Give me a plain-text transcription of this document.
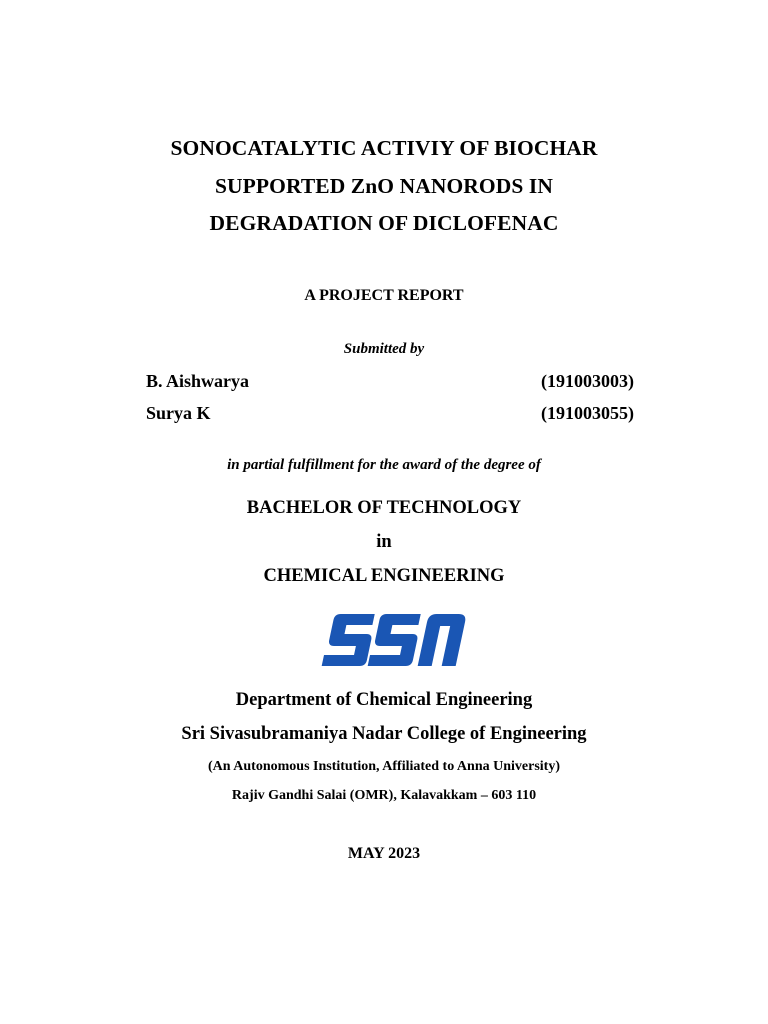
SONOCATALYTIC ACTIVIY OF BIOCHAR
SUPPORTED ZnO NANORODS IN
DEGRADATION OF DICLOFENAC
A PROJECT REPORT
Submitted by
B. Aishwarya	(191003003)
Surya K	(191003055)
in partial fulfillment for the award of the degree of
BACHELOR OF TECHNOLOGY
in
CHEMICAL ENGINEERING
Department of Chemical Engineering
Sri Sivasubramaniya Nadar College of Engineering
(An Autonomous Institution, Affiliated to Anna University)
Rajiv Gandhi Salai (OMR), Kalavakkam – 603 110
MAY 2023
